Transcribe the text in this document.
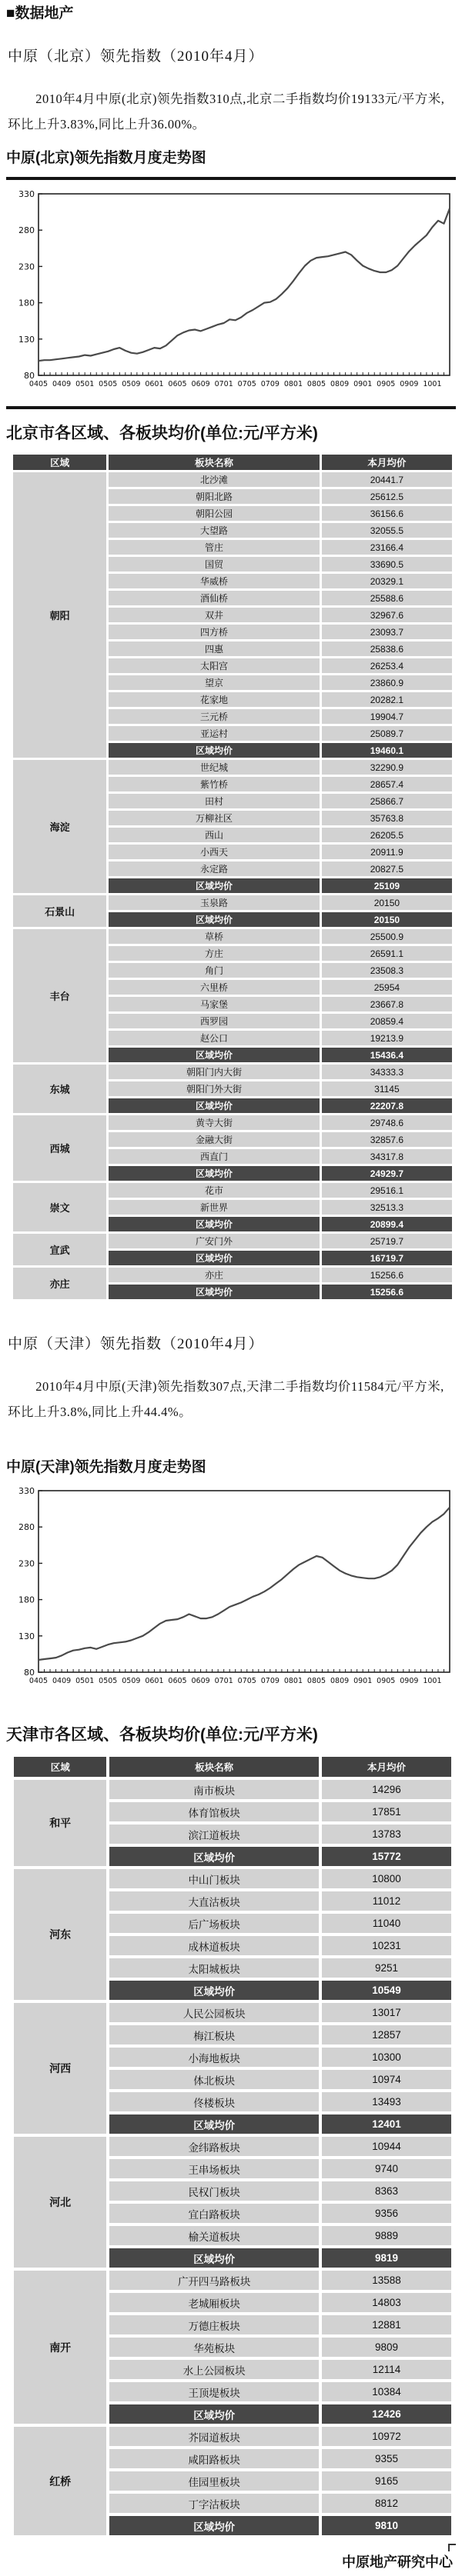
■数据地产
中原（北京）领先指数（2010年4月）

2010年4月中原(北京)领先指数310点,北京二手指数均价19133元/平方米,环比上升3.83%,同比上升36.00%。

中原(北京)领先指数月度走势图
80
130
180
230
280
330
0405 0409 0501 0505 0509 0601 0605 0609 0701 0705 0709 0801 0805 0809 0901 0905 0909 1001
北京市各区域、各板块均价(单位:元/平方米)
区域	板块名称	本月均价
朝阳	北沙滩	20441.7
	朝阳北路	25612.5
	朝阳公园	36156.6
	大望路	32055.5
	管庄	23166.4
	国贸	33690.5
	华威桥	20329.1
	酒仙桥	25588.6
	双井	32967.6
	四方桥	23093.7
	四惠	25838.6
	太阳宫	26253.4
	望京	23860.9
	花家地	20282.1
	三元桥	19904.7
	亚运村	25089.7
	区域均价	19460.1
海淀	世纪城	32290.9
	紫竹桥	28657.4
	田村	25866.7
	万柳社区	35763.8
	西山	26205.5
	小西天	20911.9
	永定路	20827.5
	区域均价	25109
石景山	玉泉路	20150
	区域均价	20150
丰台	草桥	25500.9
	方庄	26591.1
	角门	23508.3
	六里桥	25954
	马家堡	23667.8
	西罗园	20859.4
	赵公口	19213.9
	区域均价	15436.4
东城	朝阳门内大街	34333.3
	朝阳门外大街	31145
	区域均价	22207.8
西城	黄寺大街	29748.6
	金融大街	32857.6
	西直门	34317.8
	区域均价	24929.7
崇文	花市	29516.1
	新世界	32513.3
	区域均价	20899.4
宣武	广安门外	25719.7
	区域均价	16719.7
亦庄	亦庄	15256.6
	区域均价	15256.6
中原（天津）领先指数（2010年4月）

2010年4月中原(天津)领先指数307点,天津二手指数均价11584元/平方米,环比上升3.8%,同比上升44.4%。

中原(天津)领先指数月度走势图
80
130
180
230
280
330
0405 0409 0501 0505 0509 0601 0605 0609 0701 0705 0709 0801 0805 0809 0901 0905 0909 1001
天津市各区域、各板块均价(单位:元/平方米)
区域	板块名称	本月均价
和平	南市板块	14296
	体育馆板块	17851
	滨江道板块	13783
	区域均价	15772
河东	中山门板块	10800
	大直沽板块	11012
	后广场板块	11040
	成林道板块	10231
	太阳城板块	9251
	区域均价	10549
河西	人民公园板块	13017
	梅江板块	12857
	小海地板块	10300
	体北板块	10974
	佟楼板块	13493
	区域均价	12401
河北	金纬路板块	10944
	王串场板块	9740
	民权门板块	8363
	宜白路板块	9356
	榆关道板块	9889
	区域均价	9819
南开	广开四马路板块	13588
	老城厢板块	14803
	万德庄板块	12881
	华苑板块	9809
	水上公园板块	12114
	王顶堤板块	10384
	区域均价	12426
红桥	芥园道板块	10972
	咸阳路板块	9355
	佳园里板块	9165
	丁字沽板块	8812
	区域均价	9810
中原地产研究中心
